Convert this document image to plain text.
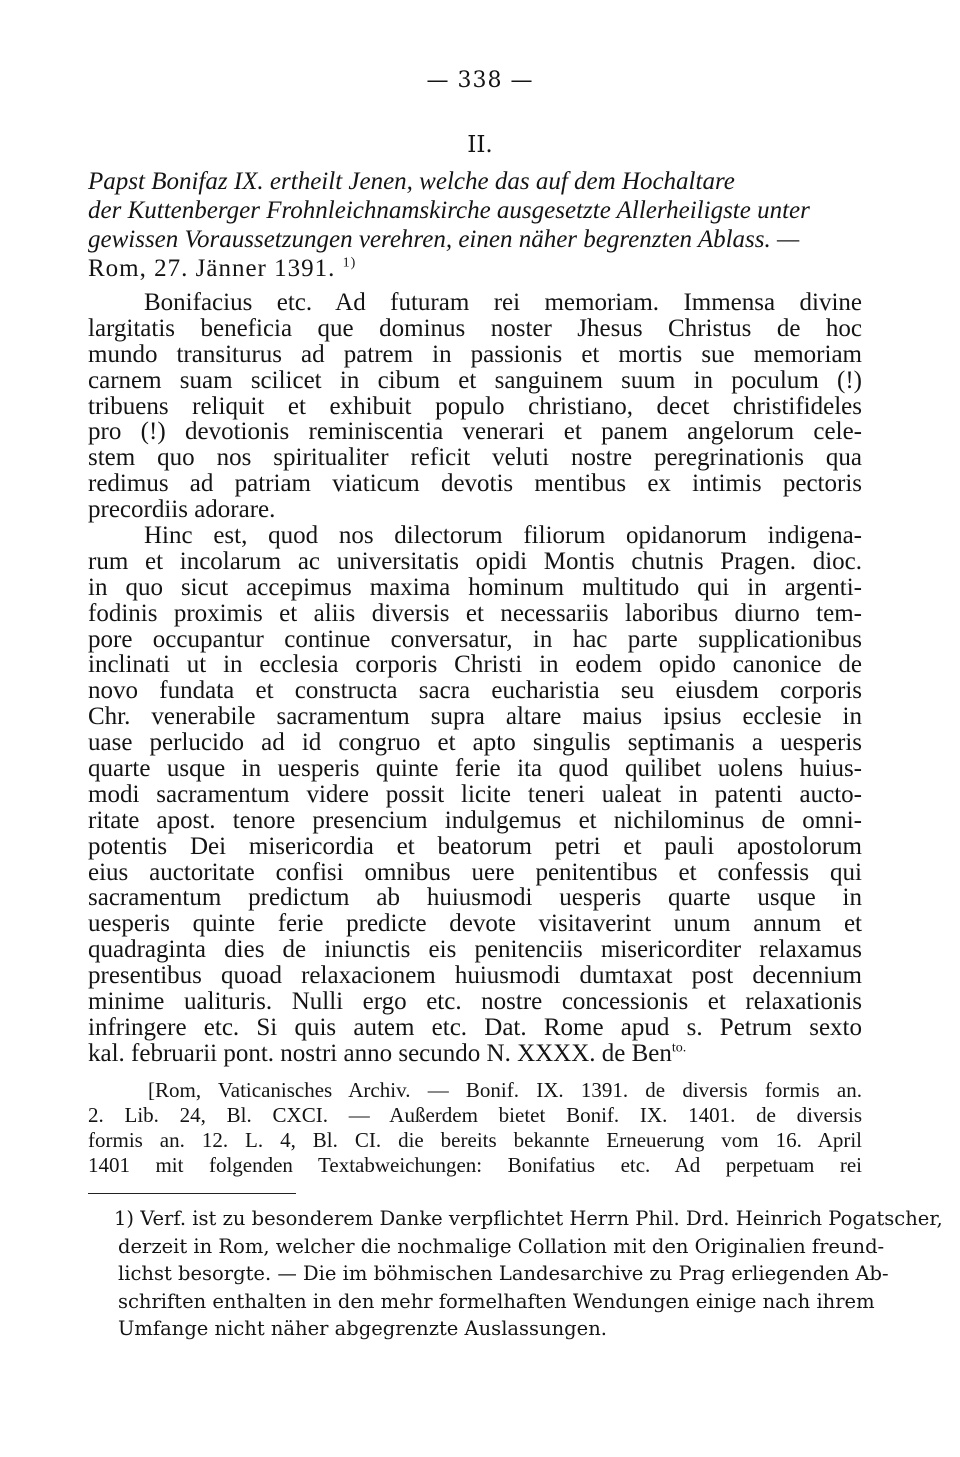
— 338 —
II.
Papst Bonifaz IX. ertheilt Jenen, welche das auf dem Hochaltare
der Kuttenberger Frohnleichnamskirche ausgesetzte Allerheiligste unter
gewissen Voraussetzungen verehren, einen näher begrenzten Ablass. —
Rom, 27. Jänner 1391. $^{1)}$
Bonifacius etc. Ad futuram rei memoriam. Immensa divine
largitatis beneficia que dominus noster Jhesus Christus de hoc
mundo transiturus ad patrem in passionis et mortis sue memoriam
carnem suam scilicet in cibum et sanguinem suum in poculum (!)
tribuens reliquit et exhibuit populo christiano, decet christifideles
pro (!) devotionis reminiscentia venerari et panem angelorum cele-
stem quo nos spiritualiter reficit veluti nostre peregrinationis qua
redimus ad patriam viaticum devotis mentibus ex intimis pectoris
precordiis adorare.
Hinc est, quod nos dilectorum filiorum opidanorum indigena-
rum et incolarum ac universitatis opidi Montis chutnis Pragen. dioc.
in quo sicut accepimus maxima hominum multitudo qui in argenti-
fodinis proximis et aliis diversis et necessariis laboribus diurno tem-
pore occupantur continue conversatur, in hac parte supplicationibus
inclinati ut in ecclesia corporis Christi in eodem opido canonice de
novo fundata et constructa sacra eucharistia seu eiusdem corporis
Chr. venerabile sacramentum supra altare maius ipsius ecclesie in
uase perlucido ad id congruo et apto singulis septimanis a uesperis
quarte usque in uesperis quinte ferie ita quod quilibet uolens huius-
modi sacramentum videre possit licite teneri ualeat in patenti aucto-
ritate apost. tenore presencium indulgemus et nichilominus de omni-
potentis Dei misericordia et beatorum petri et pauli apostolorum
eius auctoritate confisi omnibus uere penitentibus et confessis qui
sacramentum predictum ab huiusmodi uesperis quarte usque in
uesperis quinte ferie predicte devote visitaverint unum annum et
quadraginta dies de iniunctis eis penitenciis misericorditer relaxamus
presentibus quoad relaxacionem huiusmodi dumtaxat post decennium
minime ualituris. Nulli ergo etc. nostre concessionis et relaxationis
infringere etc. Si quis autem etc. Dat. Rome apud s. Petrum sexto
kal. februarii pont. nostri anno secundo N. XXXX. de Ben$^{to.}$
[Rom, Vaticanisches Archiv. — Bonif. IX. 1391. de diversis formis an.
2. Lib. 24, Bl. CXCI. — Außerdem bietet Bonif. IX. 1401. de diversis
formis an. 12. L. 4, Bl. CI. die bereits bekannte Erneuerung vom 16. April
1401 mit folgenden Textabweichungen: Bonifatius etc. Ad perpetuam rei
1) Verf. ist zu besonderem Danke verpflichtet Herrn Phil. Drd. Heinrich Pogatscher,
derzeit in Rom, welcher die nochmalige Collation mit den Originalien freund-
lichst besorgte. — Die im böhmischen Landesarchive zu Prag erliegenden Ab-
schriften enthalten in den mehr formelhaften Wendungen einige nach ihrem
Umfange nicht näher abgegrenzte Auslassungen.
